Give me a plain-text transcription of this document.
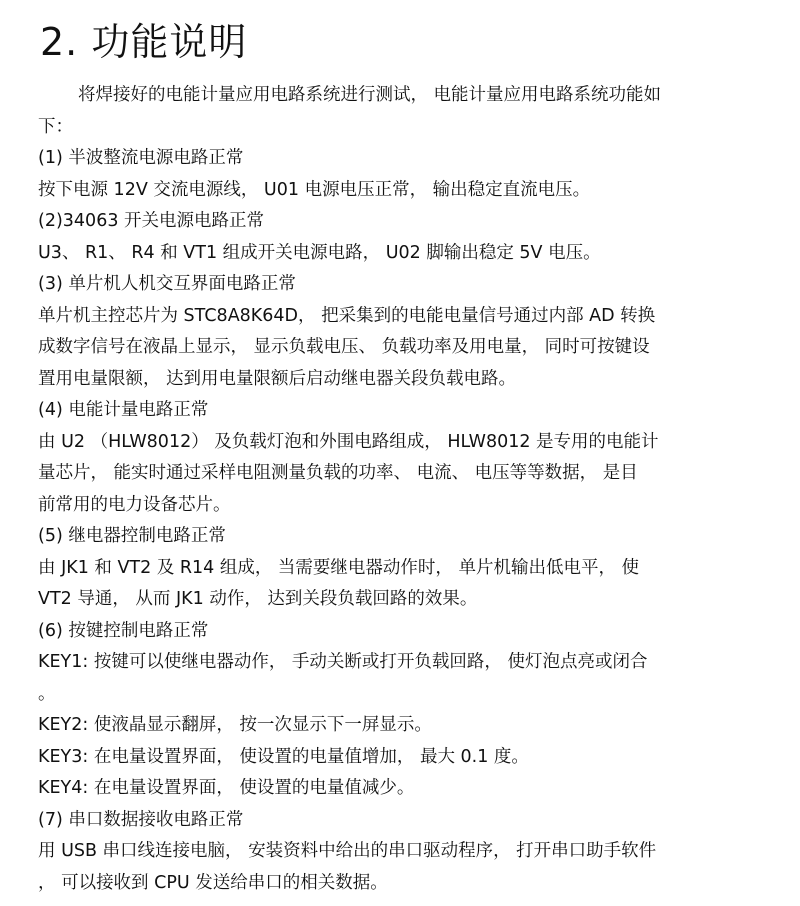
2. 功能说明
将焊接好的电能计量应用电路系统进行测试， 电能计量应用电路系统功能如
下：
(1) 半波整流电源电路正常
按下电源 12V 交流电源线， U01 电源电压正常， 输出稳定直流电压。
(2)34063 开关电源电路正常
U3、 R1、 R4 和 VT1 组成开关电源电路， U02 脚输出稳定 5V 电压。
(3) 单片机人机交互界面电路正常
单片机主控芯片为 STC8A8K64D， 把采集到的电能电量信号通过内部 AD 转换
成数字信号在液晶上显示， 显示负载电压、 负载功率及用电量， 同时可按键设
置用电量限额， 达到用电量限额后启动继电器关段负载电路。
(4) 电能计量电路正常
由 U2 （HLW8012） 及负载灯泡和外围电路组成， HLW8012 是专用的电能计
量芯片， 能实时通过采样电阻测量负载的功率、 电流、 电压等等数据， 是目
前常用的电力设备芯片。
(5) 继电器控制电路正常
由 JK1 和 VT2 及 R14 组成， 当需要继电器动作时， 单片机输出低电平， 使
VT2 导通， 从而 JK1 动作， 达到关段负载回路的效果。
(6) 按键控制电路正常
KEY1: 按键可以使继电器动作， 手动关断或打开负载回路， 使灯泡点亮或闭合
。
KEY2: 使液晶显示翻屏， 按一次显示下一屏显示。
KEY3: 在电量设置界面， 使设置的电量值增加， 最大 0.1 度。
KEY4: 在电量设置界面， 使设置的电量值减少。
(7) 串口数据接收电路正常
用 USB 串口线连接电脑， 安装资料中给出的串口驱动程序， 打开串口助手软件
， 可以接收到 CPU 发送给串口的相关数据。
